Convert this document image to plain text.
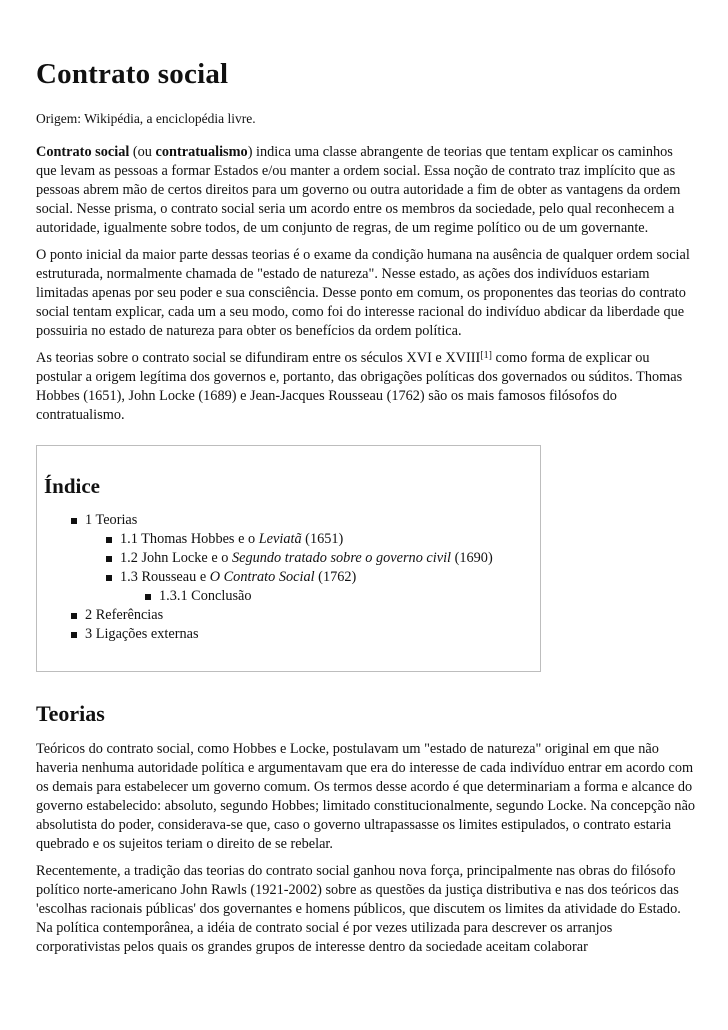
Contrato social
Origem: Wikipédia, a enciclopédia livre.

Contrato social (ou contratualismo) indica uma classe abrangente de teorias que tentam explicar os caminhos que levam as pessoas a formar Estados e/ou manter a ordem social. Essa noção de contrato traz implícito que as pessoas abrem mão de certos direitos para um governo ou outra autoridade a fim de obter as vantagens da ordem social. Nesse prisma, o contrato social seria um acordo entre os membros da sociedade, pelo qual reconhecem a autoridade, igualmente sobre todos, de um conjunto de regras, de um regime político ou de um governante.

O ponto inicial da maior parte dessas teorias é o exame da condição humana na ausência de qualquer ordem social estruturada, normalmente chamada de "estado de natureza". Nesse estado, as ações dos indivíduos estariam limitadas apenas por seu poder e sua consciência. Desse ponto em comum, os proponentes das teorias do contrato social tentam explicar, cada um a seu modo, como foi do interesse racional do indivíduo abdicar da liberdade que possuiria no estado de natureza para obter os benefícios da ordem política.

As teorias sobre o contrato social se difundiram entre os séculos XVI e XVIII[1] como forma de explicar ou postular a origem legítima dos governos e, portanto, das obrigações políticas dos governados ou súditos. Thomas Hobbes (1651), John Locke (1689) e Jean-Jacques Rousseau (1762) são os mais famosos filósofos do contratualismo.

Índice
1 Teorias
1.1 Thomas Hobbes e o Leviatã (1651)
1.2 John Locke e o Segundo tratado sobre o governo civil (1690)
1.3 Rousseau e O Contrato Social (1762)
1.3.1 Conclusão
2 Referências
3 Ligações externas
Teorias

Teóricos do contrato social, como Hobbes e Locke, postulavam um "estado de natureza" original em que não haveria nenhuma autoridade política e argumentavam que era do interesse de cada indivíduo entrar em acordo com os demais para estabelecer um governo comum. Os termos desse acordo é que determinariam a forma e alcance do governo estabelecido: absoluto, segundo Hobbes; limitado constitucionalmente, segundo Locke. Na concepção não absolutista do poder, considerava-se que, caso o governo ultrapassasse os limites estipulados, o contrato estaria quebrado e os sujeitos teriam o direito de se rebelar.

Recentemente, a tradição das teorias do contrato social ganhou nova força, principalmente nas obras do filósofo político norte-americano John Rawls (1921-2002) sobre as questões da justiça distributiva e nas dos teóricos das 'escolhas racionais públicas' dos governantes e homens públicos, que discutem os limites da atividade do Estado. Na política contemporânea, a idéia de contrato social é por vezes utilizada para descrever os arranjos corporativistas pelos quais os grandes grupos de interesse dentro da sociedade aceitam colaborar
